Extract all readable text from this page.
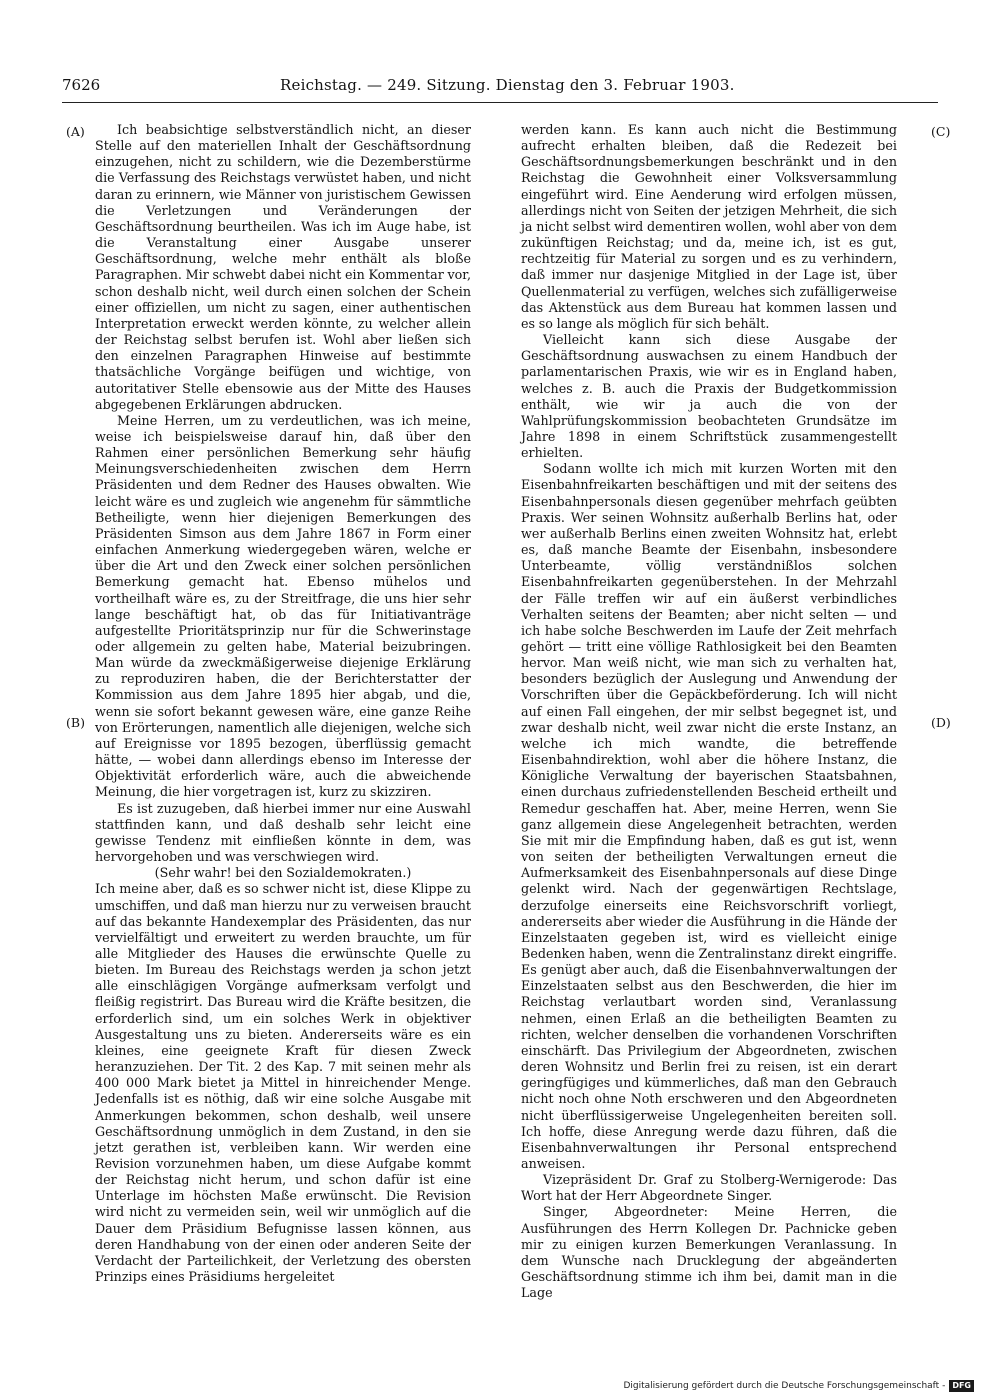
7626	Reichstag. — 249. Sitzung. Dienstag den 3. Februar 1903.
(A)
(B)
(C)
(D)

Ich beabsichtige selbstverständlich nicht, an dieser Stelle auf den materiellen Inhalt der Geschäftsordnung einzugehen, nicht zu schildern, wie die Dezemberstürme die Verfassung des Reichstags verwüstet haben, und nicht daran zu erinnern, wie Männer von juristischem Gewissen die Verletzungen und Veränderungen der Geschäftsordnung beurtheilen. Was ich im Auge habe, ist die Veranstaltung einer Ausgabe unserer Geschäftsordnung, welche mehr enthält als bloße Paragraphen. Mir schwebt dabei nicht ein Kommentar vor, schon deshalb nicht, weil durch einen solchen der Schein einer offiziellen, um nicht zu sagen, einer authentischen Interpretation erweckt werden könnte, zu welcher allein der Reichstag selbst berufen ist. Wohl aber ließen sich den einzelnen Paragraphen Hinweise auf bestimmte thatsächliche Vorgänge beifügen und wichtige, von autoritativer Stelle ebensowie aus der Mitte des Hauses abgegebenen Erklärungen abdrucken.

Meine Herren, um zu verdeutlichen, was ich meine, weise ich beispielsweise darauf hin, daß über den Rahmen einer persönlichen Bemerkung sehr häufig Meinungsverschiedenheiten zwischen dem Herrn Präsidenten und dem Redner des Hauses obwalten. Wie leicht wäre es und zugleich wie angenehm für sämmtliche Betheiligte, wenn hier diejenigen Bemerkungen des Präsidenten Simson aus dem Jahre 1867 in Form einer einfachen Anmerkung wiedergegeben wären, welche er über die Art und den Zweck einer solchen persönlichen Bemerkung gemacht hat. Ebenso mühelos und vortheilhaft wäre es, zu der Streitfrage, die uns hier sehr lange beschäftigt hat, ob das für Initiativanträge aufgestellte Prioritätsprinzip nur für die Schwerinstage oder allgemein zu gelten habe, Material beizubringen. Man würde da zweckmäßigerweise diejenige Erklärung zu reproduziren haben, die der Berichterstatter der Kommission aus dem Jahre 1895 hier abgab, und die, wenn sie sofort bekannt gewesen wäre, eine ganze Reihe von Erörterungen, namentlich alle diejenigen, welche sich auf Ereignisse vor 1895 bezogen, überflüssig gemacht hätte, — wobei dann allerdings ebenso im Interesse der Objektivität erforderlich wäre, auch die abweichende Meinung, die hier vorgetragen ist, kurz zu skizziren.

Es ist zuzugeben, daß hierbei immer nur eine Auswahl stattfinden kann, und daß deshalb sehr leicht eine gewisse Tendenz mit einfließen könnte in dem, was hervorgehoben und was verschwiegen wird.

(Sehr wahr! bei den Sozialdemokraten.)

Ich meine aber, daß es so schwer nicht ist, diese Klippe zu umschiffen, und daß man hierzu nur zu verweisen braucht auf das bekannte Handexemplar des Präsidenten, das nur vervielfältigt und erweitert zu werden brauchte, um für alle Mitglieder des Hauses die erwünschte Quelle zu bieten. Im Bureau des Reichstags werden ja schon jetzt alle einschlägigen Vorgänge aufmerksam verfolgt und fleißig registrirt. Das Bureau wird die Kräfte besitzen, die erforderlich sind, um ein solches Werk in objektiver Ausgestaltung uns zu bieten. Andererseits wäre es ein kleines, eine geeignete Kraft für diesen Zweck heranzuziehen. Der Tit. 2 des Kap. 7 mit seinen mehr als 400 000 Mark bietet ja Mittel in hinreichender Menge. Jedenfalls ist es nöthig, daß wir eine solche Ausgabe mit Anmerkungen bekommen, schon deshalb, weil unsere Geschäftsordnung unmöglich in dem Zustand, in den sie jetzt gerathen ist, verbleiben kann. Wir werden eine Revision vorzunehmen haben, um diese Aufgabe kommt der Reichstag nicht herum, und schon dafür ist eine Unterlage im höchsten Maße erwünscht. Die Revision wird nicht zu vermeiden sein, weil wir unmöglich auf die Dauer dem Präsidium Befugnisse lassen können, aus deren Handhabung von der einen oder anderen Seite der Verdacht der Parteilichkeit, der Verletzung des obersten Prinzips eines Präsidiums hergeleitet

werden kann. Es kann auch nicht die Bestimmung aufrecht erhalten bleiben, daß die Redezeit bei Geschäftsordnungsbemerkungen beschränkt und in den Reichstag die Gewohnheit einer Volksversammlung eingeführt wird. Eine Aenderung wird erfolgen müssen, allerdings nicht von Seiten der jetzigen Mehrheit, die sich ja nicht selbst wird dementiren wollen, wohl aber von dem zukünftigen Reichstag; und da, meine ich, ist es gut, rechtzeitig für Material zu sorgen und es zu verhindern, daß immer nur dasjenige Mitglied in der Lage ist, über Quellenmaterial zu verfügen, welches sich zufälligerweise das Aktenstück aus dem Bureau hat kommen lassen und es so lange als möglich für sich behält.

Vielleicht kann sich diese Ausgabe der Geschäftsordnung auswachsen zu einem Handbuch der parlamentarischen Praxis, wie wir es in England haben, welches z. B. auch die Praxis der Budgetkommission enthält, wie wir ja auch die von der Wahlprüfungskommission beobachteten Grundsätze im Jahre 1898 in einem Schriftstück zusammengestellt erhielten.

Sodann wollte ich mich mit kurzen Worten mit den Eisenbahnfreikarten beschäftigen und mit der seitens des Eisenbahnpersonals diesen gegenüber mehrfach geübten Praxis. Wer seinen Wohnsitz außerhalb Berlins hat, oder wer außerhalb Berlins einen zweiten Wohnsitz hat, erlebt es, daß manche Beamte der Eisenbahn, insbesondere Unterbeamte, völlig verständnißlos solchen Eisenbahnfreikarten gegenüberstehen. In der Mehrzahl der Fälle treffen wir auf ein äußerst verbindliches Verhalten seitens der Beamten; aber nicht selten — und ich habe solche Beschwerden im Laufe der Zeit mehrfach gehört — tritt eine völlige Rathlosigkeit bei den Beamten hervor. Man weiß nicht, wie man sich zu verhalten hat, besonders bezüglich der Auslegung und Anwendung der Vorschriften über die Gepäckbeförderung. Ich will nicht auf einen Fall eingehen, der mir selbst begegnet ist, und zwar deshalb nicht, weil zwar nicht die erste Instanz, an welche ich mich wandte, die betreffende Eisenbahndirektion, wohl aber die höhere Instanz, die Königliche Verwaltung der bayerischen Staatsbahnen, einen durchaus zufriedenstellenden Bescheid ertheilt und Remedur geschaffen hat. Aber, meine Herren, wenn Sie ganz allgemein diese Angelegenheit betrachten, werden Sie mit mir die Empfindung haben, daß es gut ist, wenn von seiten der betheiligten Verwaltungen erneut die Aufmerksamkeit des Eisenbahnpersonals auf diese Dinge gelenkt wird. Nach der gegenwärtigen Rechtslage, derzufolge einerseits eine Reichsvorschrift vorliegt, andererseits aber wieder die Ausführung in die Hände der Einzelstaaten gegeben ist, wird es vielleicht einige Bedenken haben, wenn die Zentralinstanz direkt eingriffe. Es genügt aber auch, daß die Eisenbahnverwaltungen der Einzelstaaten selbst aus den Beschwerden, die hier im Reichstag verlautbart worden sind, Veranlassung nehmen, einen Erlaß an die betheiligten Beamten zu richten, welcher denselben die vorhandenen Vorschriften einschärft. Das Privilegium der Abgeordneten, zwischen deren Wohnsitz und Berlin frei zu reisen, ist ein derart geringfügiges und kümmerliches, daß man den Gebrauch nicht noch ohne Noth erschweren und den Abgeordneten nicht überflüssigerweise Ungelegenheiten bereiten soll. Ich hoffe, diese Anregung werde dazu führen, daß die Eisenbahnverwaltungen ihr Personal entsprechend anweisen.

Vizepräsident Dr. Graf zu Stolberg-Wernigerode: Das Wort hat der Herr Abgeordnete Singer.

Singer, Abgeordneter: Meine Herren, die Ausführungen des Herrn Kollegen Dr. Pachnicke geben mir zu einigen kurzen Bemerkungen Veranlassung. In dem Wunsche nach Drucklegung der abgeänderten Geschäftsordnung stimme ich ihm bei, damit man in die Lage

Digitalisierung gefördert durch die Deutsche Forschungsgemeinschaft - DFG
